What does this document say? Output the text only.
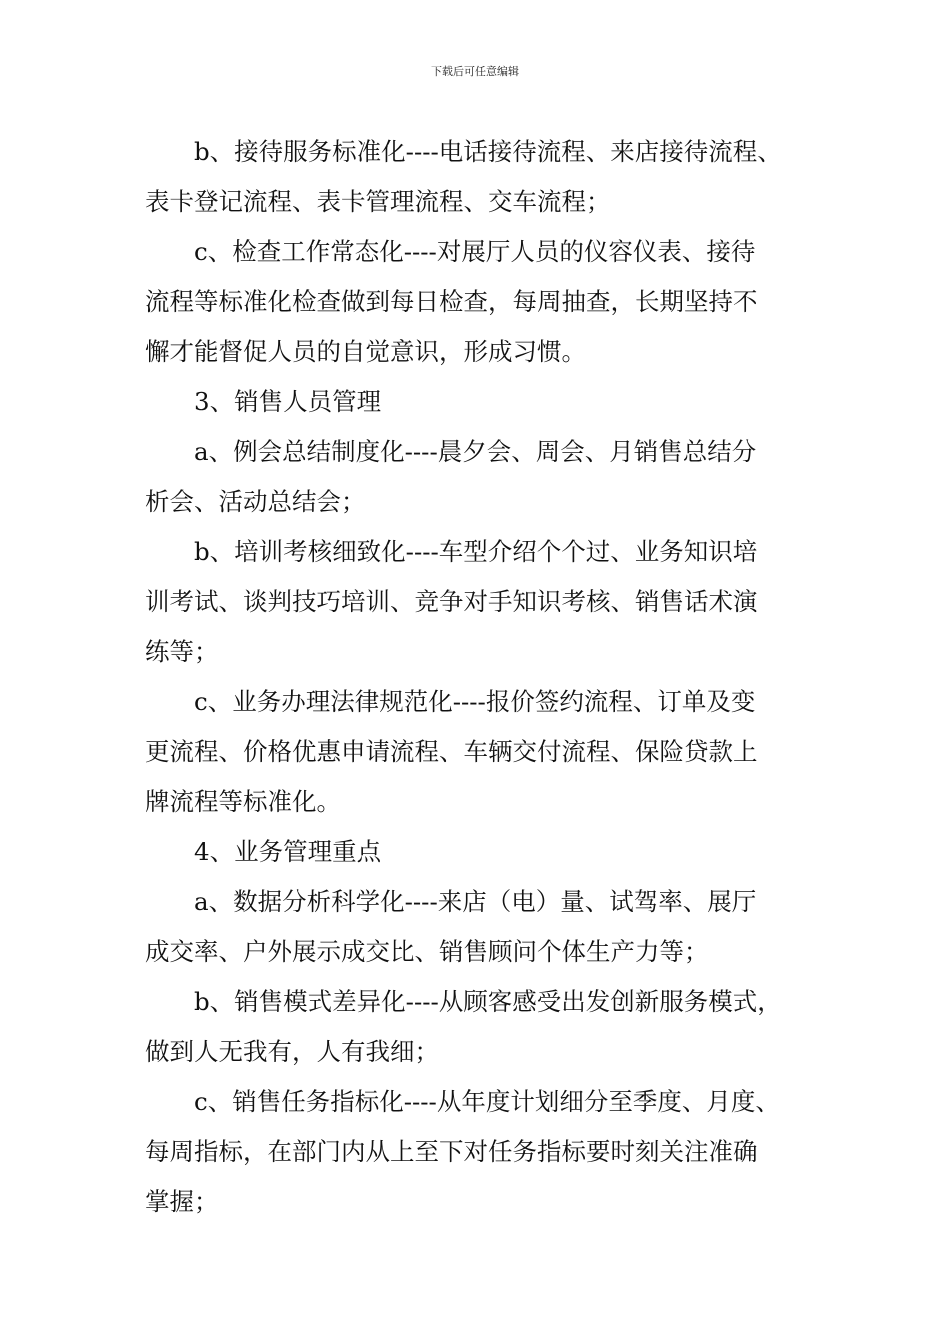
下载后可任意编辑
b、接待服务标准化----电话接待流程、来店接待流程、
表卡登记流程、表卡管理流程、交车流程；
c、检查工作常态化----对展厅人员的仪容仪表、接待
流程等标准化检查做到每日检查，每周抽查，长期坚持不
懈才能督促人员的自觉意识，形成习惯。
3、销售人员管理
a、例会总结制度化----晨夕会、周会、月销售总结分
析会、活动总结会；
b、培训考核细致化----车型介绍个个过、业务知识培
训考试、谈判技巧培训、竞争对手知识考核、销售话术演
练等；
c、业务办理法律规范化----报价签约流程、订单及变
更流程、价格优惠申请流程、车辆交付流程、保险贷款上
牌流程等标准化。
4、业务管理重点
a、数据分析科学化----来店（电）量、试驾率、展厅
成交率、户外展示成交比、销售顾问个体生产力等；
b、销售模式差异化----从顾客感受出发创新服务模式，
做到人无我有，人有我细；
c、销售任务指标化----从年度计划细分至季度、月度、
每周指标，在部门内从上至下对任务指标要时刻关注准确
掌握；
